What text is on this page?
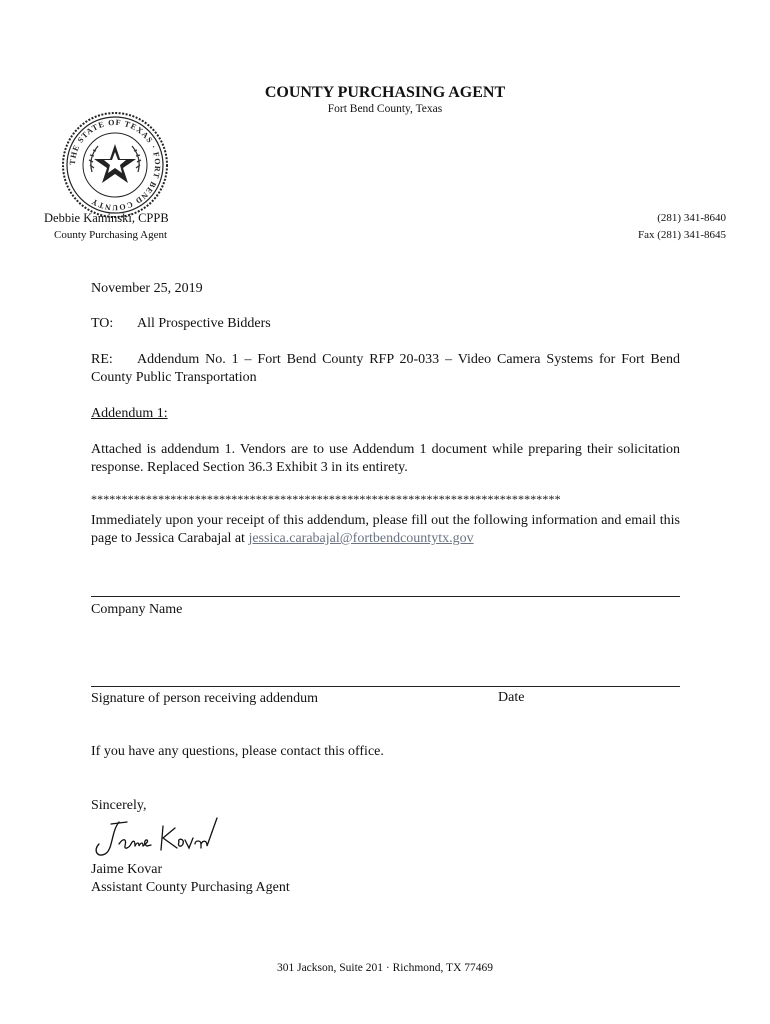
COUNTY PURCHASING AGENT
Fort Bend County, Texas
THE STATE OF TEXAS · FORT BEND COUNTY
Debbie Kaminski, CPPB
County Purchasing Agent
(281) 341-8640
Fax (281) 341-8645
November 25, 2019
TO: All Prospective Bidders
RE: Addendum No. 1 – Fort Bend County RFP 20-033 – Video Camera Systems for Fort Bend County Public Transportation
Addendum 1:
Attached is addendum 1. Vendors are to use Addendum 1 document while preparing their solicitation response. Replaced Section 36.3 Exhibit 3 in its entirety.
*****************************************************************************
Immediately upon your receipt of this addendum, please fill out the following information and email this page to Jessica Carabajal at jessica.carabajal@fortbendcountytx.gov
Company Name
Signature of person receiving addendum	Date
If you have any questions, please contact this office.
Sincerely,
Jaime Kovar
Assistant County Purchasing Agent
301 Jackson, Suite 201 · Richmond, TX 77469
